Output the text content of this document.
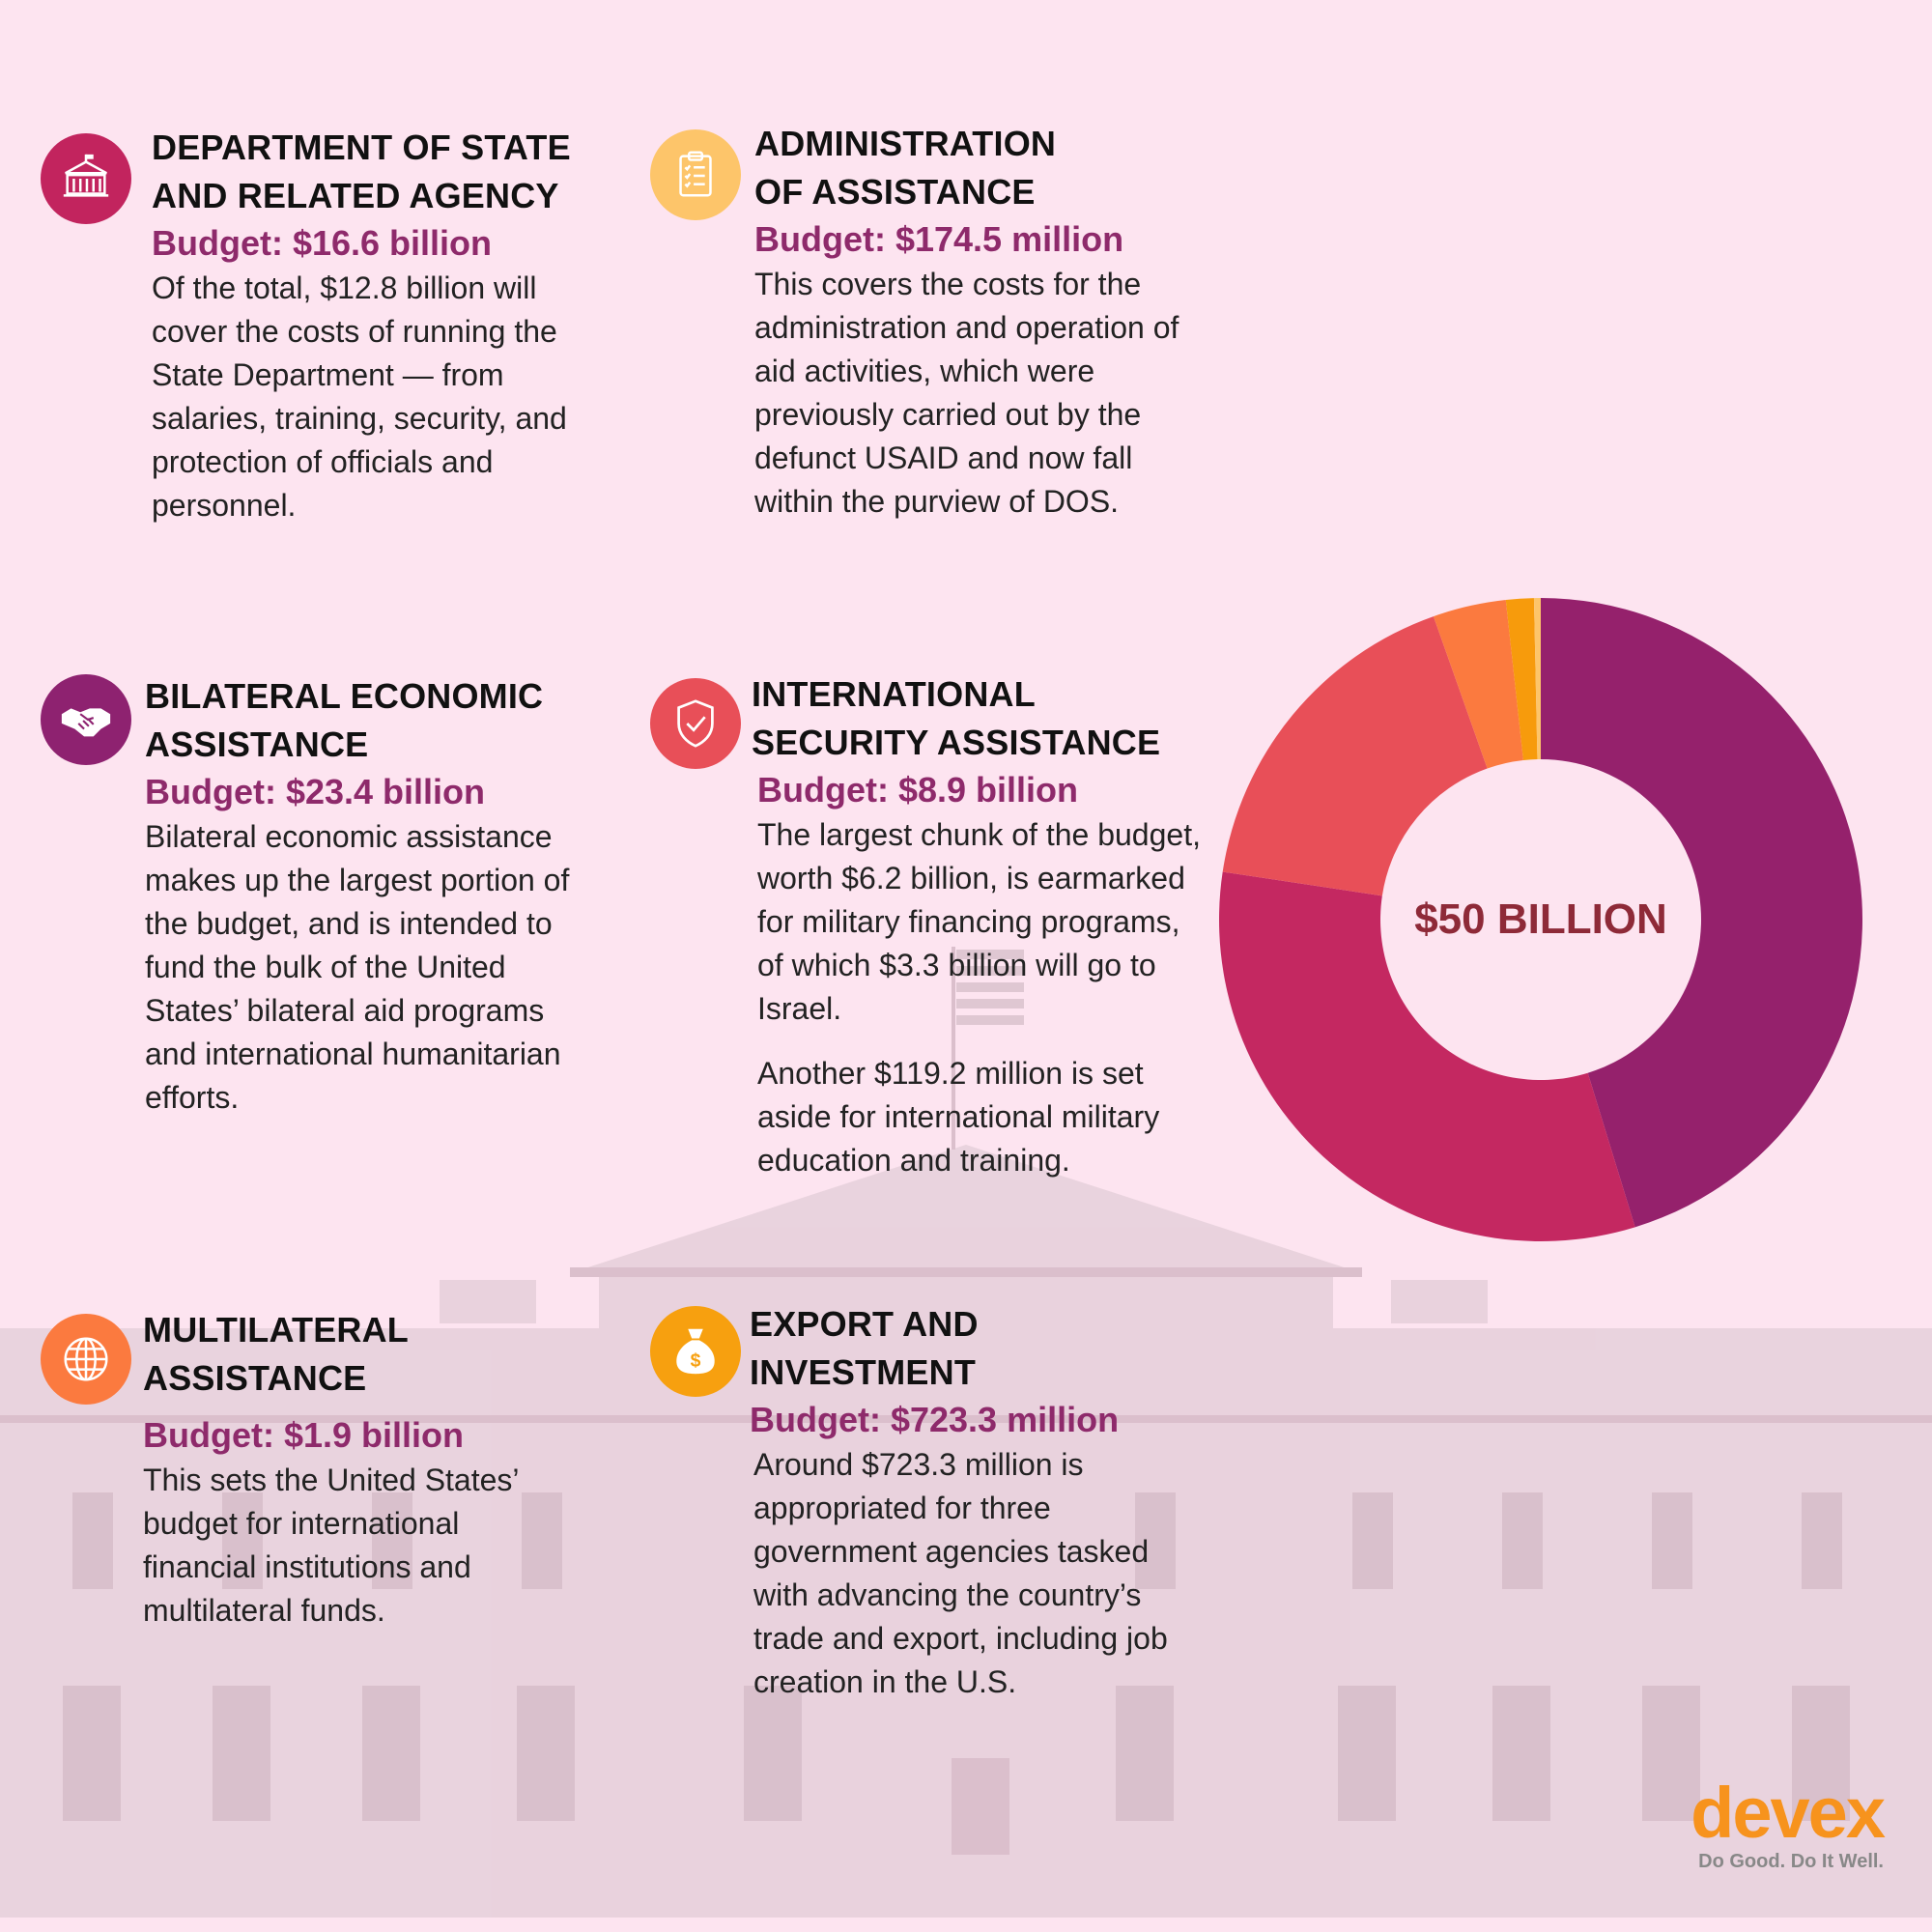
DEPARTMENT OF STATE
AND RELATED AGENCY

Budget: $16.6 billion

Of the total, $12.8 billion will cover the costs of running the State Department — from salaries, training, security, and protection of officials and personnel.

ADMINISTRATION
OF ASSISTANCE

Budget: $174.5 million

This covers the costs for the administration and operation of aid activities, which were previously carried out by the defunct USAID and now fall within the purview of DOS.

BILATERAL ECONOMIC
ASSISTANCE

Budget: $23.4 billion

Bilateral economic assistance makes up the largest portion of the budget, and is intended to fund the bulk of the United States’ bilateral aid programs and international humanitarian efforts.

INTERNATIONAL
SECURITY ASSISTANCE

Budget: $8.9 billion

The largest chunk of the budget, worth $6.2 billion, is earmarked for military financing programs, of which $3.3 billion will go to Israel.

Another $119.2 million is set aside for international military education and training.

MULTILATERAL
ASSISTANCE

Budget: $1.9 billion

This sets the United States’ budget for international financial institutions and multilateral funds.

$

EXPORT AND
INVESTMENT

Budget: $723.3 million

Around $723.3 million is appropriated for three government agencies tasked with advancing the country’s trade and export, including job creation in the U.S.

$50 BILLION
devex
Do Good. Do It Well.
